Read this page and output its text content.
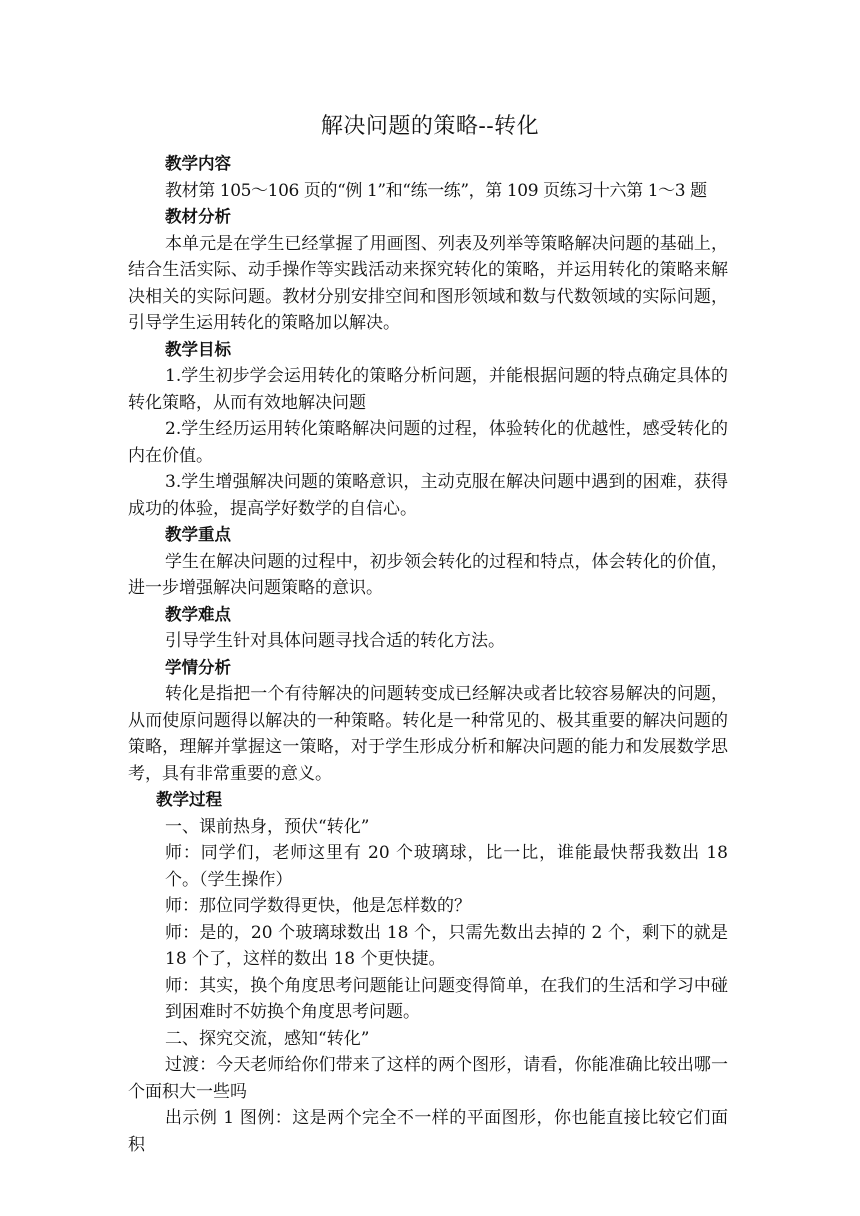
解决问题的策略--转化

教学内容

教材第 105～106 页的“例 1”和“练一练”，第 109 页练习十六第 1～3 题

教材分析

本单元是在学生已经掌握了用画图、列表及列举等策略解决问题的基础上，结合生活实际、动手操作等实践活动来探究转化的策略，并运用转化的策略来解决相关的实际问题。教材分别安排空间和图形领域和数与代数领域的实际问题，引导学生运用转化的策略加以解决。

教学目标

1.学生初步学会运用转化的策略分析问题，并能根据问题的特点确定具体的转化策略，从而有效地解决问题

2.学生经历运用转化策略解决问题的过程，体验转化的优越性，感受转化的内在价值。

3.学生增强解决问题的策略意识，主动克服在解决问题中遇到的困难，获得成功的体验，提高学好数学的自信心。

教学重点

学生在解决问题的过程中，初步领会转化的过程和特点，体会转化的价值，进一步增强解决问题策略的意识。

教学难点

引导学生针对具体问题寻找合适的转化方法。

学情分析

转化是指把一个有待解决的问题转变成已经解决或者比较容易解决的问题，从而使原问题得以解决的一种策略。转化是一种常见的、极其重要的解决问题的策略，理解并掌握这一策略，对于学生形成分析和解决问题的能力和发展数学思考，具有非常重要的意义。

教学过程

一、课前热身，预伏“转化”

师：同学们，老师这里有 20 个玻璃球，比一比，谁能最快帮我数出 18 个。（学生操作）

师：那位同学数得更快，他是怎样数的？

师：是的，20 个玻璃球数出 18 个，只需先数出去掉的 2 个，剩下的就是 18 个了，这样的数出 18 个更快捷。

师：其实，换个角度思考问题能让问题变得简单，在我们的生活和学习中碰到困难时不妨换个角度思考问题。

二、探究交流，感知“转化”

过渡：今天老师给你们带来了这样的两个图形，请看，你能准确比较出哪一个面积大一些吗

出示例 1 图例：这是两个完全不一样的平面图形，你也能直接比较它们面积
